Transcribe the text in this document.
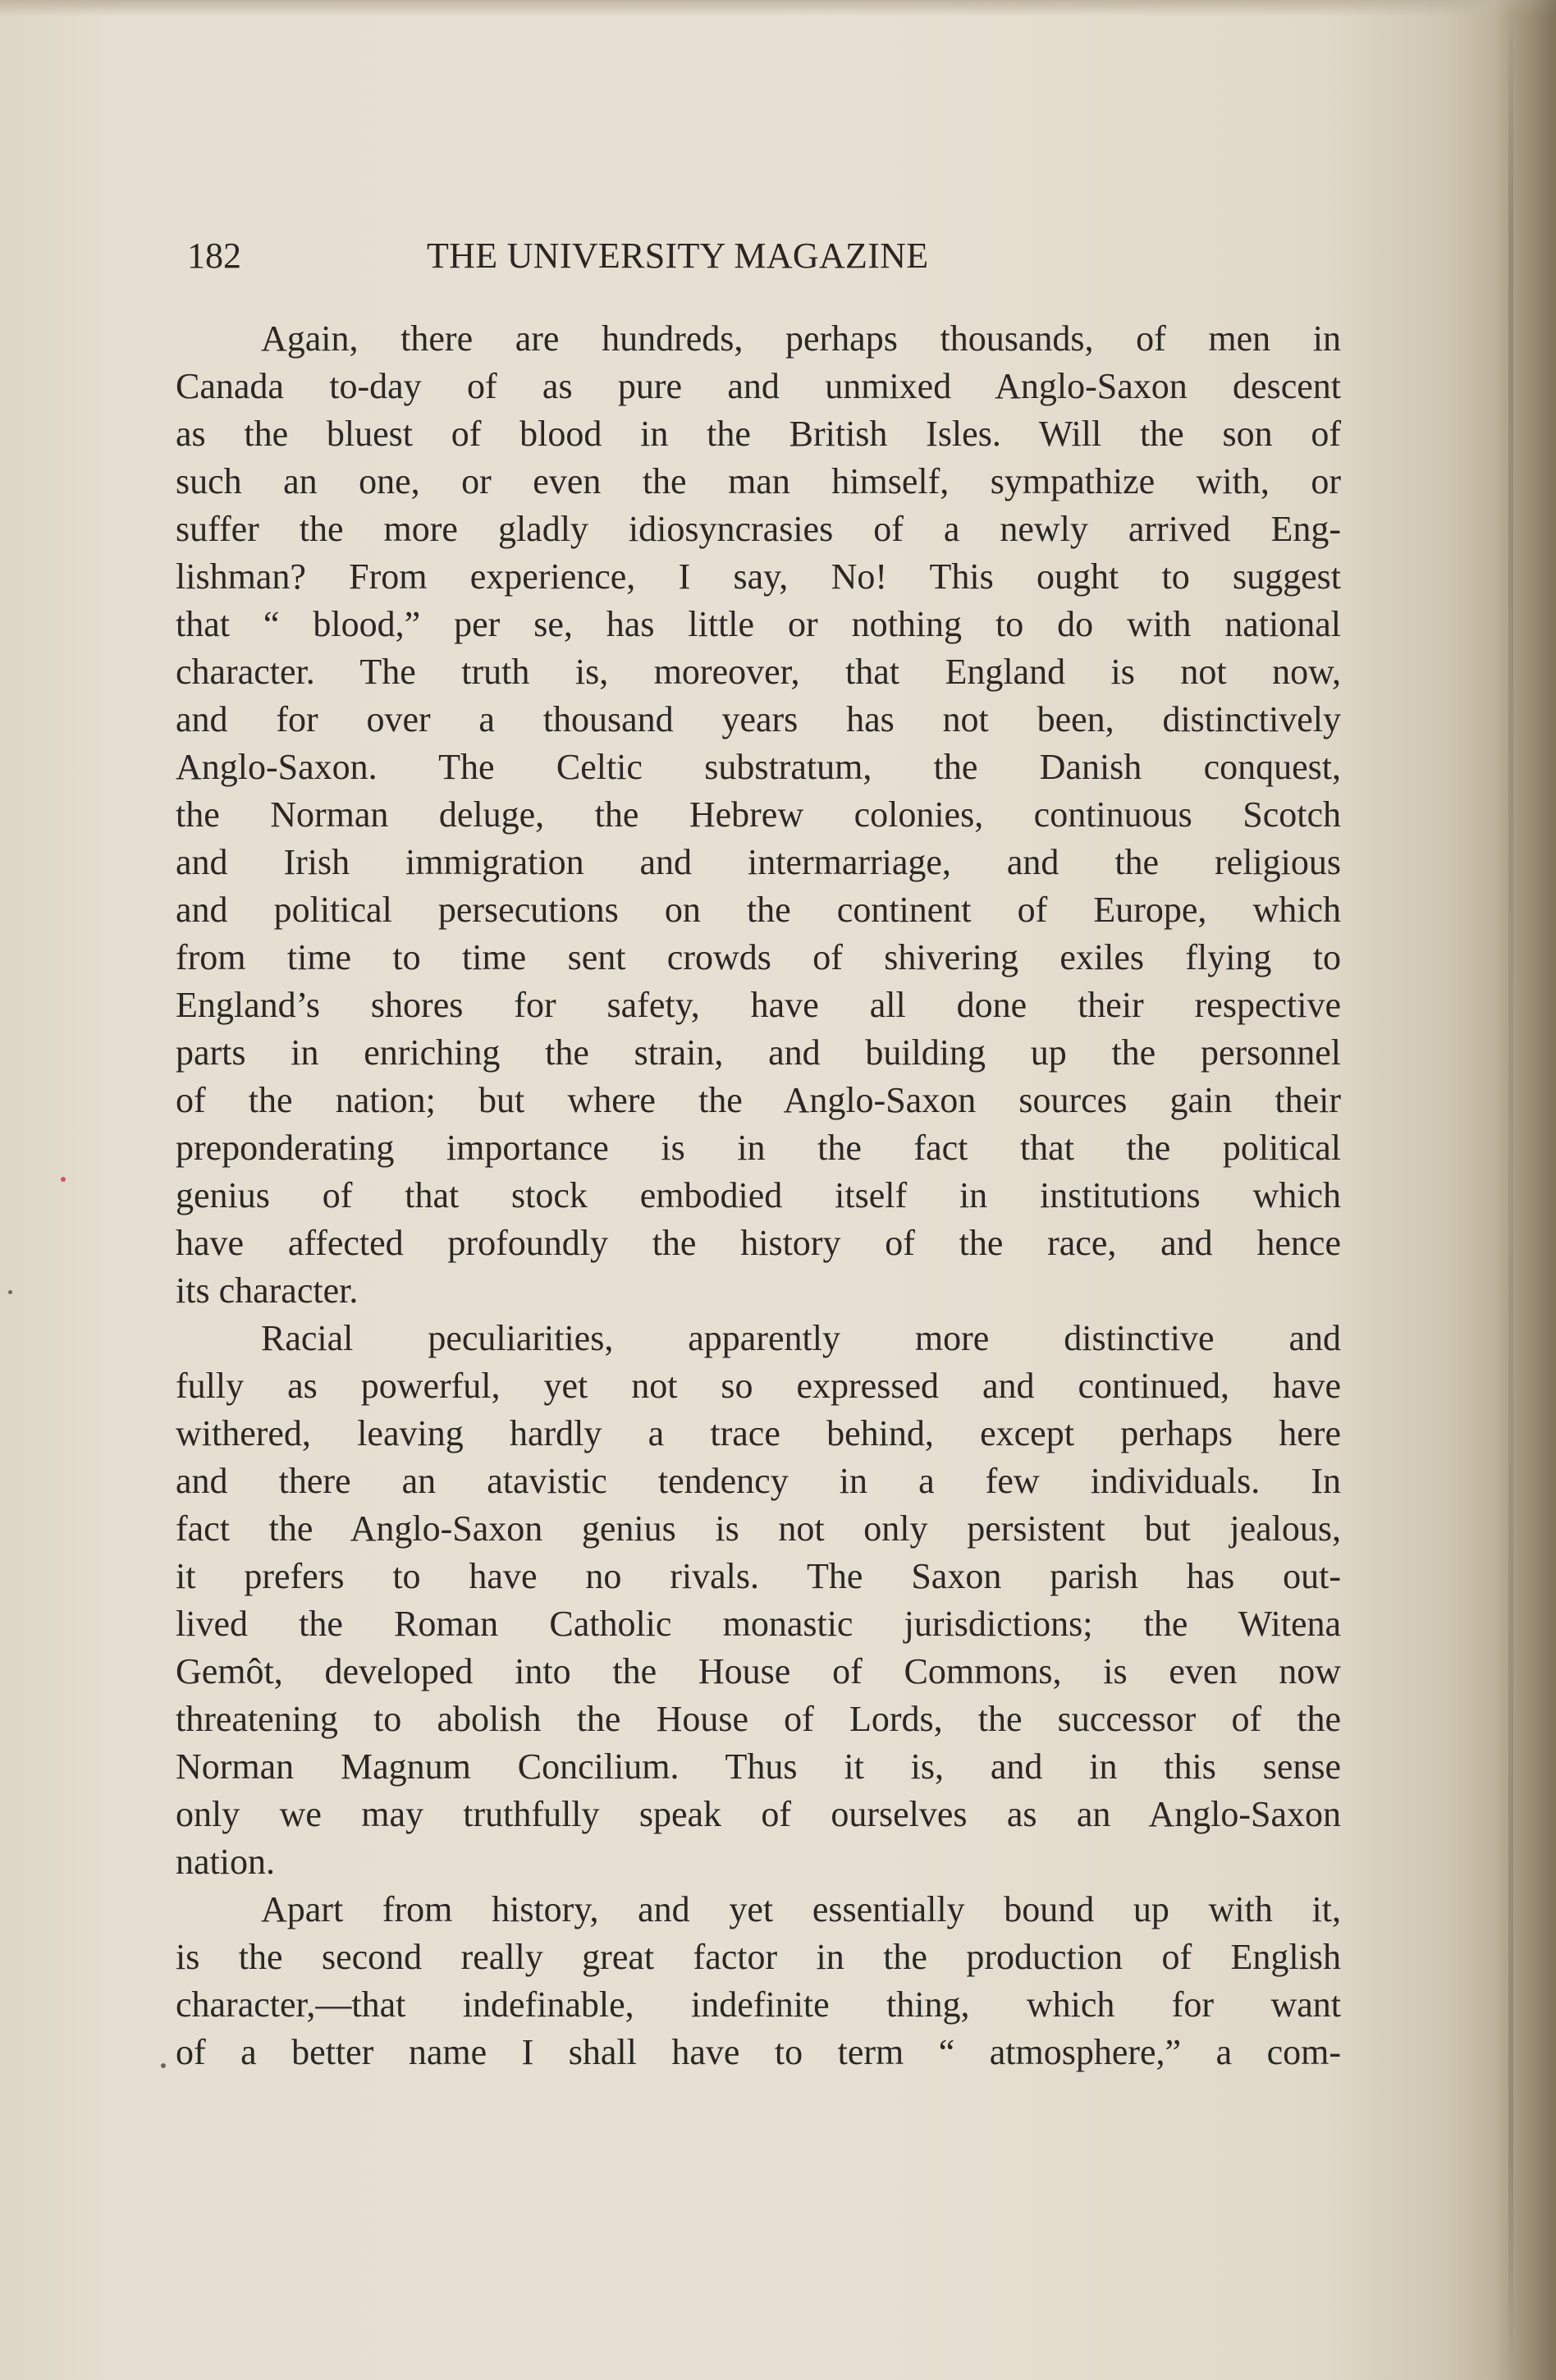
182	THE UNIVERSITY MAGAZINE
Again, there are hundreds, perhaps thousands, of men in
Canada to-day of as pure and unmixed Anglo-Saxon descent
as the bluest of blood in the British Isles. Will the son of
such an one, or even the man himself, sympathize with, or
suffer the more gladly idiosyncrasies of a newly arrived Eng-
lishman? From experience, I say, No! This ought to suggest
that “ blood,” per se, has little or nothing to do with national
character. The truth is, moreover, that England is not now,
and for over a thousand years has not been, distinctively
Anglo-Saxon. The Celtic substratum, the Danish conquest,
the Norman deluge, the Hebrew colonies, continuous Scotch
and Irish immigration and intermarriage, and the religious
and political persecutions on the continent of Europe, which
from time to time sent crowds of shivering exiles flying to
England’s shores for safety, have all done their respective
parts in enriching the strain, and building up the personnel
of the nation; but where the Anglo-Saxon sources gain their
preponderating importance is in the fact that the political
genius of that stock embodied itself in institutions which
have affected profoundly the history of the race, and hence
its character.
Racial peculiarities, apparently more distinctive and
fully as powerful, yet not so expressed and continued, have
withered, leaving hardly a trace behind, except perhaps here
and there an atavistic tendency in a few individuals. In
fact the Anglo-Saxon genius is not only persistent but jealous,
it prefers to have no rivals. The Saxon parish has out-
lived the Roman Catholic monastic jurisdictions; the Witena
Gemôt, developed into the House of Commons, is even now
threatening to abolish the House of Lords, the successor of the
Norman Magnum Concilium. Thus it is, and in this sense
only we may truthfully speak of ourselves as an Anglo-Saxon
nation.
Apart from history, and yet essentially bound up with it,
is the second really great factor in the production of English
character,—that indefinable, indefinite thing, which for want
of a better name I shall have to term “ atmosphere,” a com-
